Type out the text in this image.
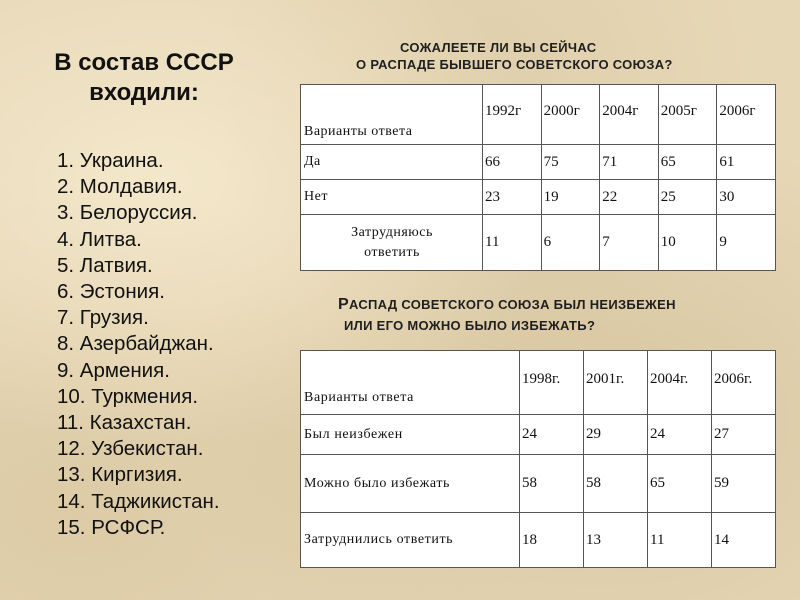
В состав СССР
входили:
1. Украина.
2. Молдавия.
3. Белоруссия.
4. Литва.
5. Латвия.
6. Эстония.
7. Грузия.
8. Азербайджан.
9. Армения.
10. Туркмения.
11. Казахстан.
12. Узбекистан.
13. Киргизия.
14. Таджикистан.
15. РСФСР.
СОЖАЛЕЕТЕ ЛИ ВЫ СЕЙЧАС
О РАСПАДЕ БЫВШЕГО СОВЕТСКОГО СОЮЗА?
Варианты ответа	1992г	2000г	2004г	2005г	2006г
Да	66	75	71	65	61
Нет	23	19	22	25	30

Затрудняюсь
ответить	11	6	7	10	9
РАСПАД СОВЕТСКОГО СОЮЗА БЫЛ НЕИЗБЕЖЕН
ИЛИ ЕГО МОЖНО БЫЛО ИЗБЕЖАТЬ?
Варианты ответа	1998г.	2001г.	2004г.	2006г.
Был неизбежен	24	29	24	27
Можно было избежать	58	58	65	59
Затруднились ответить	18	13	11	14
